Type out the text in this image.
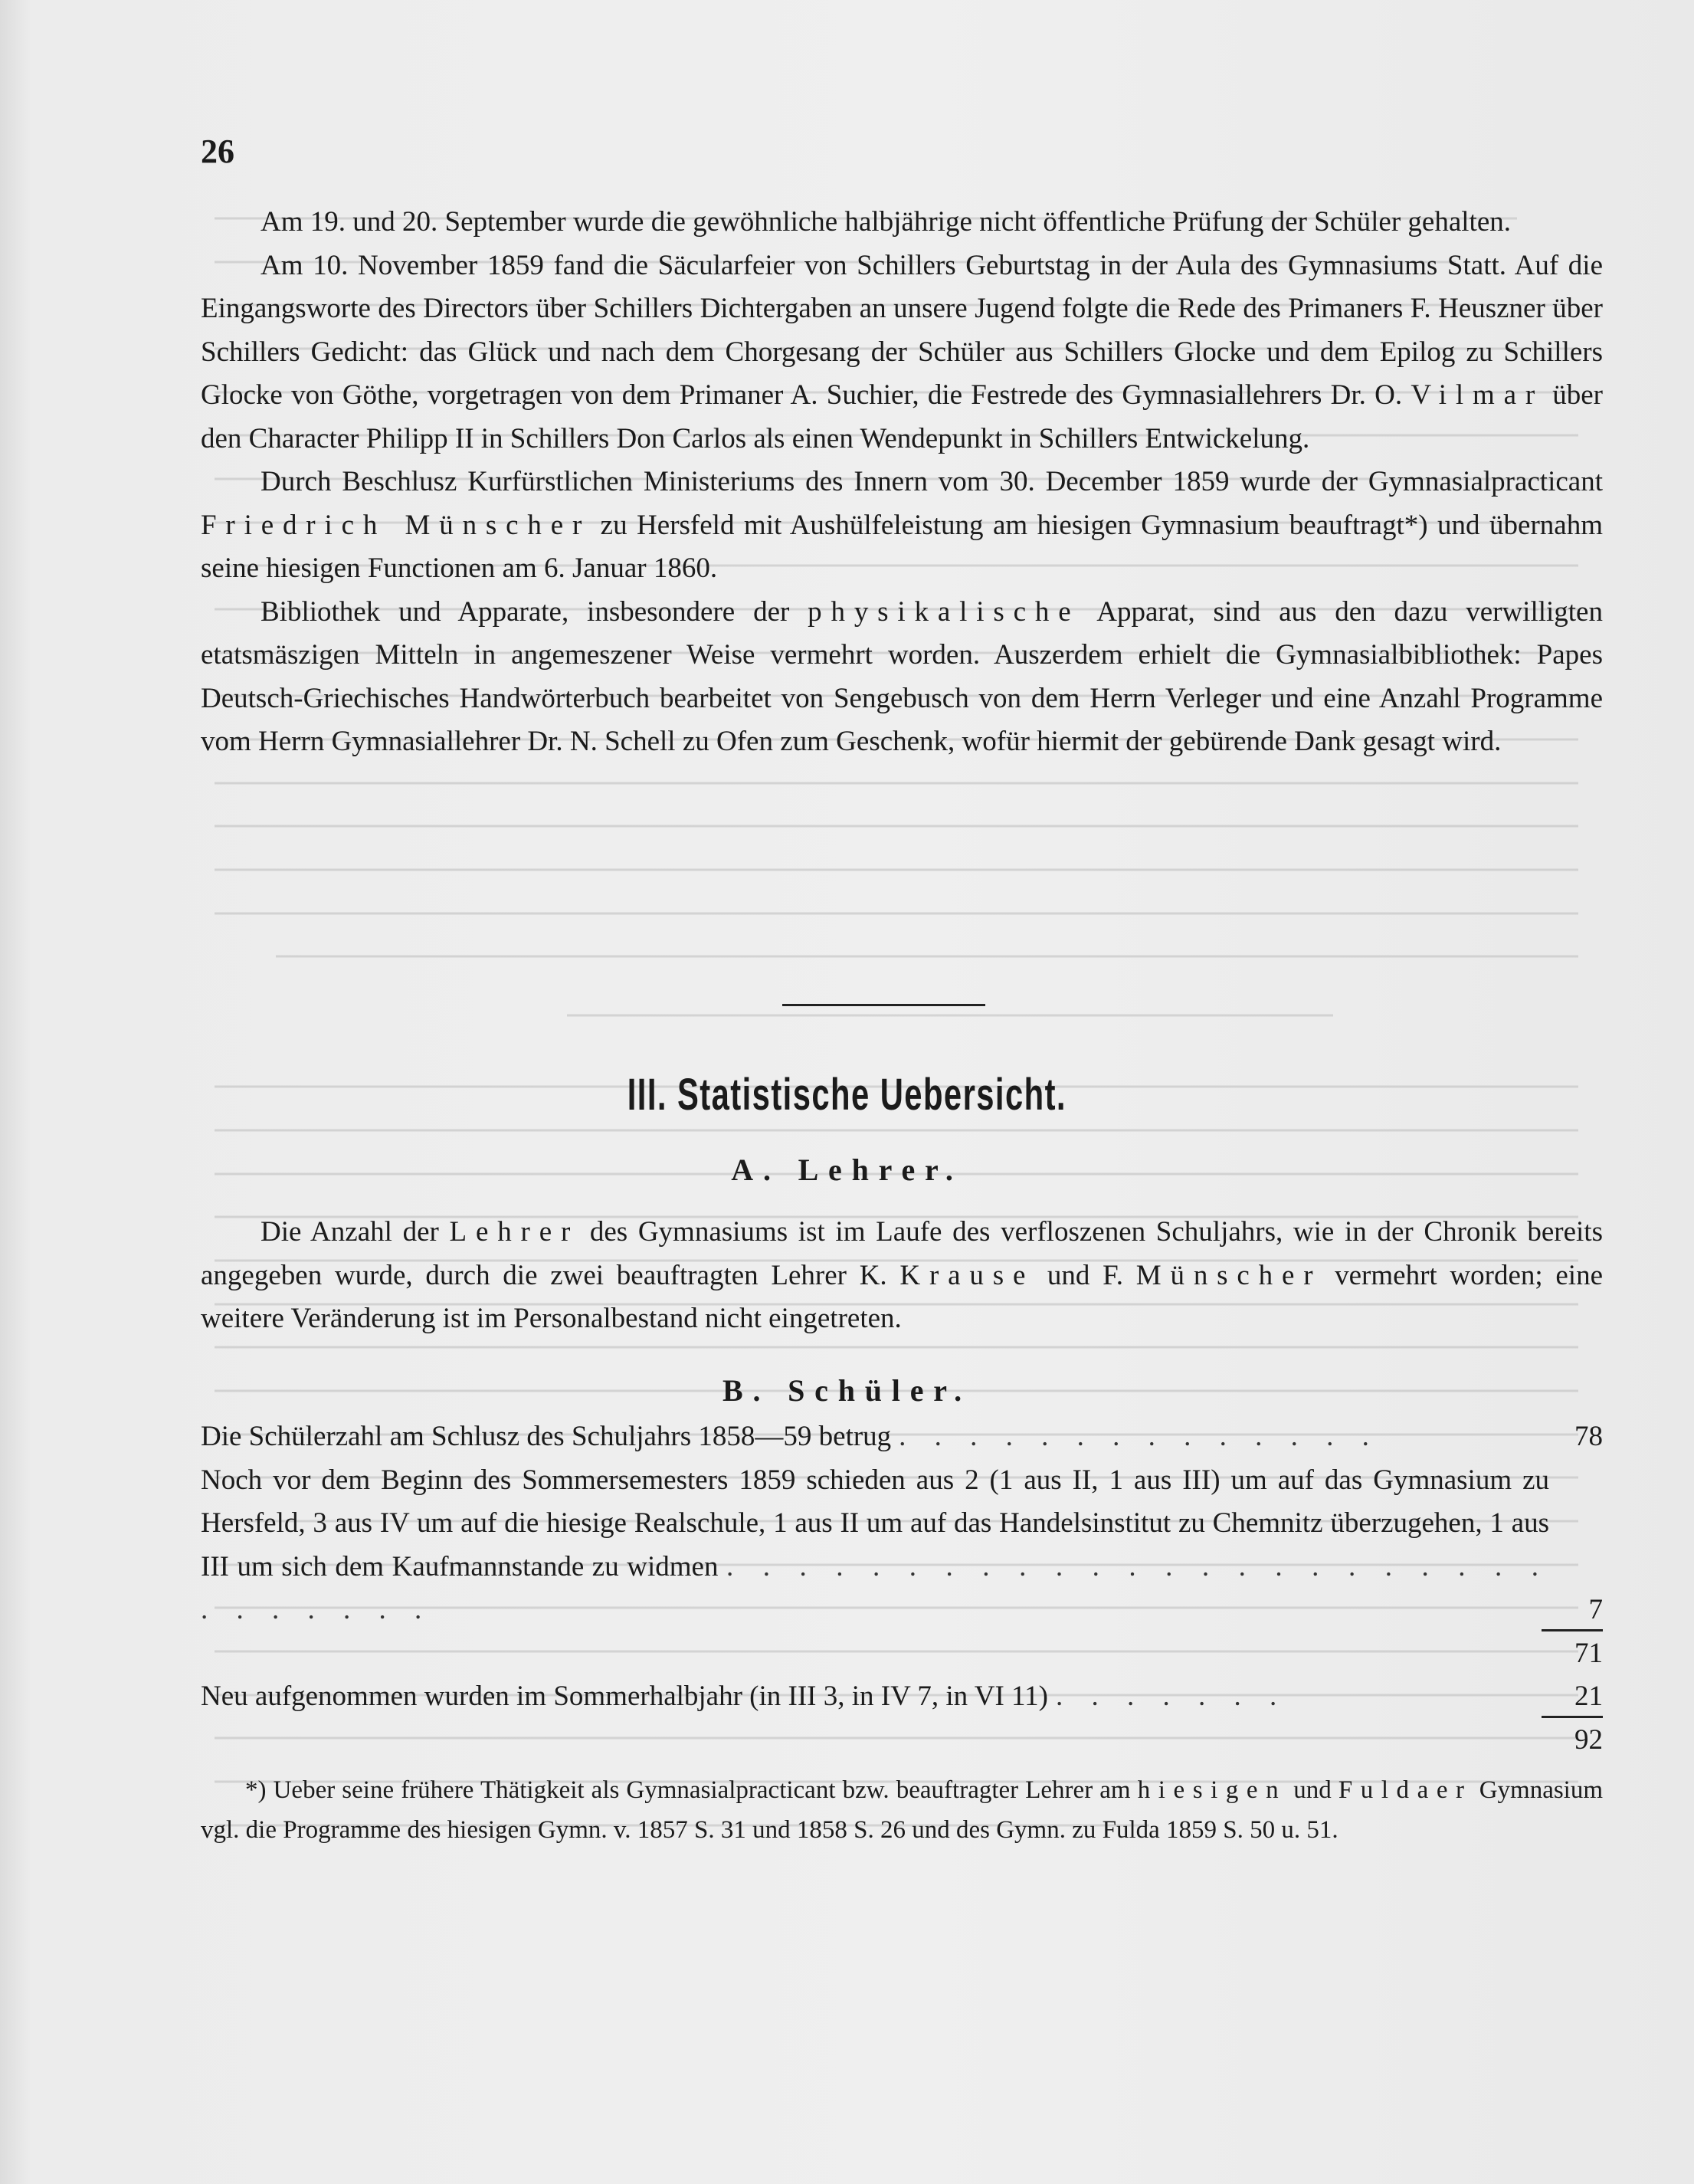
26

Am 19. und 20. September wurde die gewöhnliche halbjährige nicht öffentliche Prüfung der Schüler gehalten.

Am 10. November 1859 fand die Säcularfeier von Schillers Geburtstag in der Aula des Gymnasiums Statt. Auf die Eingangsworte des Directors über Schillers Dichtergaben an unsere Jugend folgte die Rede des Primaners F. Heuszner über Schillers Gedicht: das Glück und nach dem Chorgesang der Schüler aus Schillers Glocke und dem Epilog zu Schillers Glocke von Göthe, vorgetragen von dem Primaner A. Suchier, die Festrede des Gymnasiallehrers Dr. O. Vilmar über den Character Philipp II in Schillers Don Carlos als einen Wendepunkt in Schillers Entwickelung.

Durch Beschlusz Kurfürstlichen Ministeriums des Innern vom 30. December 1859 wurde der Gymnasialpracticant Friedrich Münscher zu Hersfeld mit Aushülfeleistung am hiesigen Gymnasium beauftragt*) und übernahm seine hiesigen Functionen am 6. Januar 1860.

Bibliothek und Apparate, insbesondere der physikalische Apparat, sind aus den dazu verwilligten etatsmäszigen Mitteln in angemeszener Weise vermehrt worden. Auszerdem erhielt die Gymnasialbibliothek: Papes Deutsch-Griechisches Handwörterbuch bearbeitet von Sengebusch von dem Herrn Verleger und eine Anzahl Programme vom Herrn Gymnasiallehrer Dr. N. Schell zu Ofen zum Geschenk, wofür hiermit der gebürende Dank gesagt wird.

III. Statistische Uebersicht.
A. Lehrer.

Die Anzahl der Lehrer des Gymnasiums ist im Laufe des verfloszenen Schuljahrs, wie in der Chronik bereits angegeben wurde, durch die zwei beauftragten Lehrer K. Krause und F. Münscher vermehrt worden; eine weitere Veränderung ist im Personalbestand nicht eingetreten.

B. Schüler.
Die Schülerzahl am Schlusz des Schuljahrs 1858—59 betrug . . . . . . . . . . . . . .	78
Noch vor dem Beginn des Sommersemesters 1859 schieden aus 2 (1 aus II, 1 aus III) um auf das Gymnasium zu Hersfeld, 3 aus IV um auf die hiesige Realschule, 1 aus II um auf das Handelsinstitut zu Chemnitz überzugehen, 1 aus III um sich dem Kaufmannstande zu widmen . . . . . . . . . . . . . . . . . . . . . . . . . . . . . .	7
71
Neu aufgenommen wurden im Sommerhalbjahr (in III 3, in IV 7, in VI 11) . . . . . . .	21
92

*) Ueber seine frühere Thätigkeit als Gymnasialpracticant bzw. beauftragter Lehrer am hiesigen und Fuldaer Gymnasium vgl. die Programme des hiesigen Gymn. v. 1857 S. 31 und 1858 S. 26 und des Gymn. zu Fulda 1859 S. 50 u. 51.
